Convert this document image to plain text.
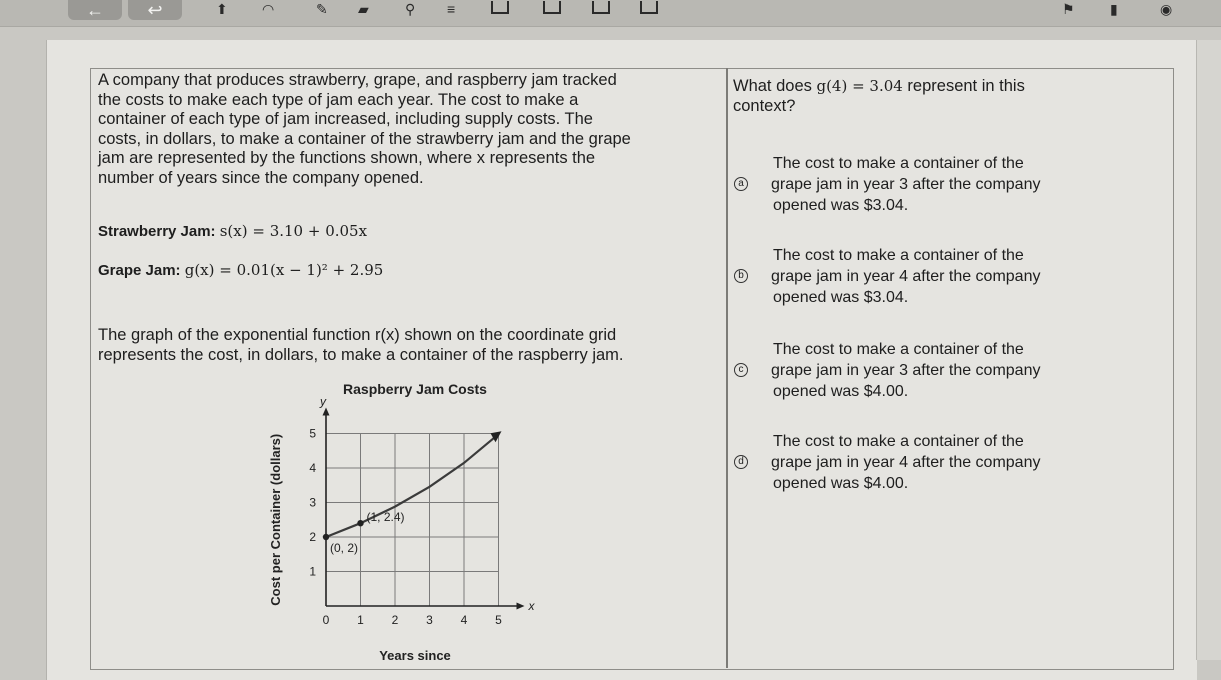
← ↩	⬆ ◠	✎ ▰	⚲ ≡	⚑	▮	◉

A company that produces strawberry, grape, and raspberry jam tracked

the costs to make each type of jam each year. The cost to make a

container of each type of jam increased, including supply costs. The

costs, in dollars, to make a container of the strawberry jam and the grape

jam are represented by the functions shown, where x represents the

number of years since the company opened.

Strawberry Jam: s(x) = 3.10 + 0.05x

Grape Jam: g(x) = 0.01(x − 1)² + 2.95

The graph of the exponential function r(x) shown on the coordinate grid

represents the cost, in dollars, to make a container of the raspberry jam.

Raspberry Jam Costs
x
y
0 1 2 3 4 5
1
2
3
4
5
Years since
Cost per Container (dollars)	(0, 2)
(1, 2.4)

What does g(4) = 3.04 represent in this

context?

The cost to make a container of the
a grape jam in year 3 after the company
opened was $3.04.
The cost to make a container of the
b grape jam in year 4 after the company
opened was $3.04.
The cost to make a container of the
c grape jam in year 3 after the company
opened was $4.00.
The cost to make a container of the
d grape jam in year 4 after the company
opened was $4.00.
